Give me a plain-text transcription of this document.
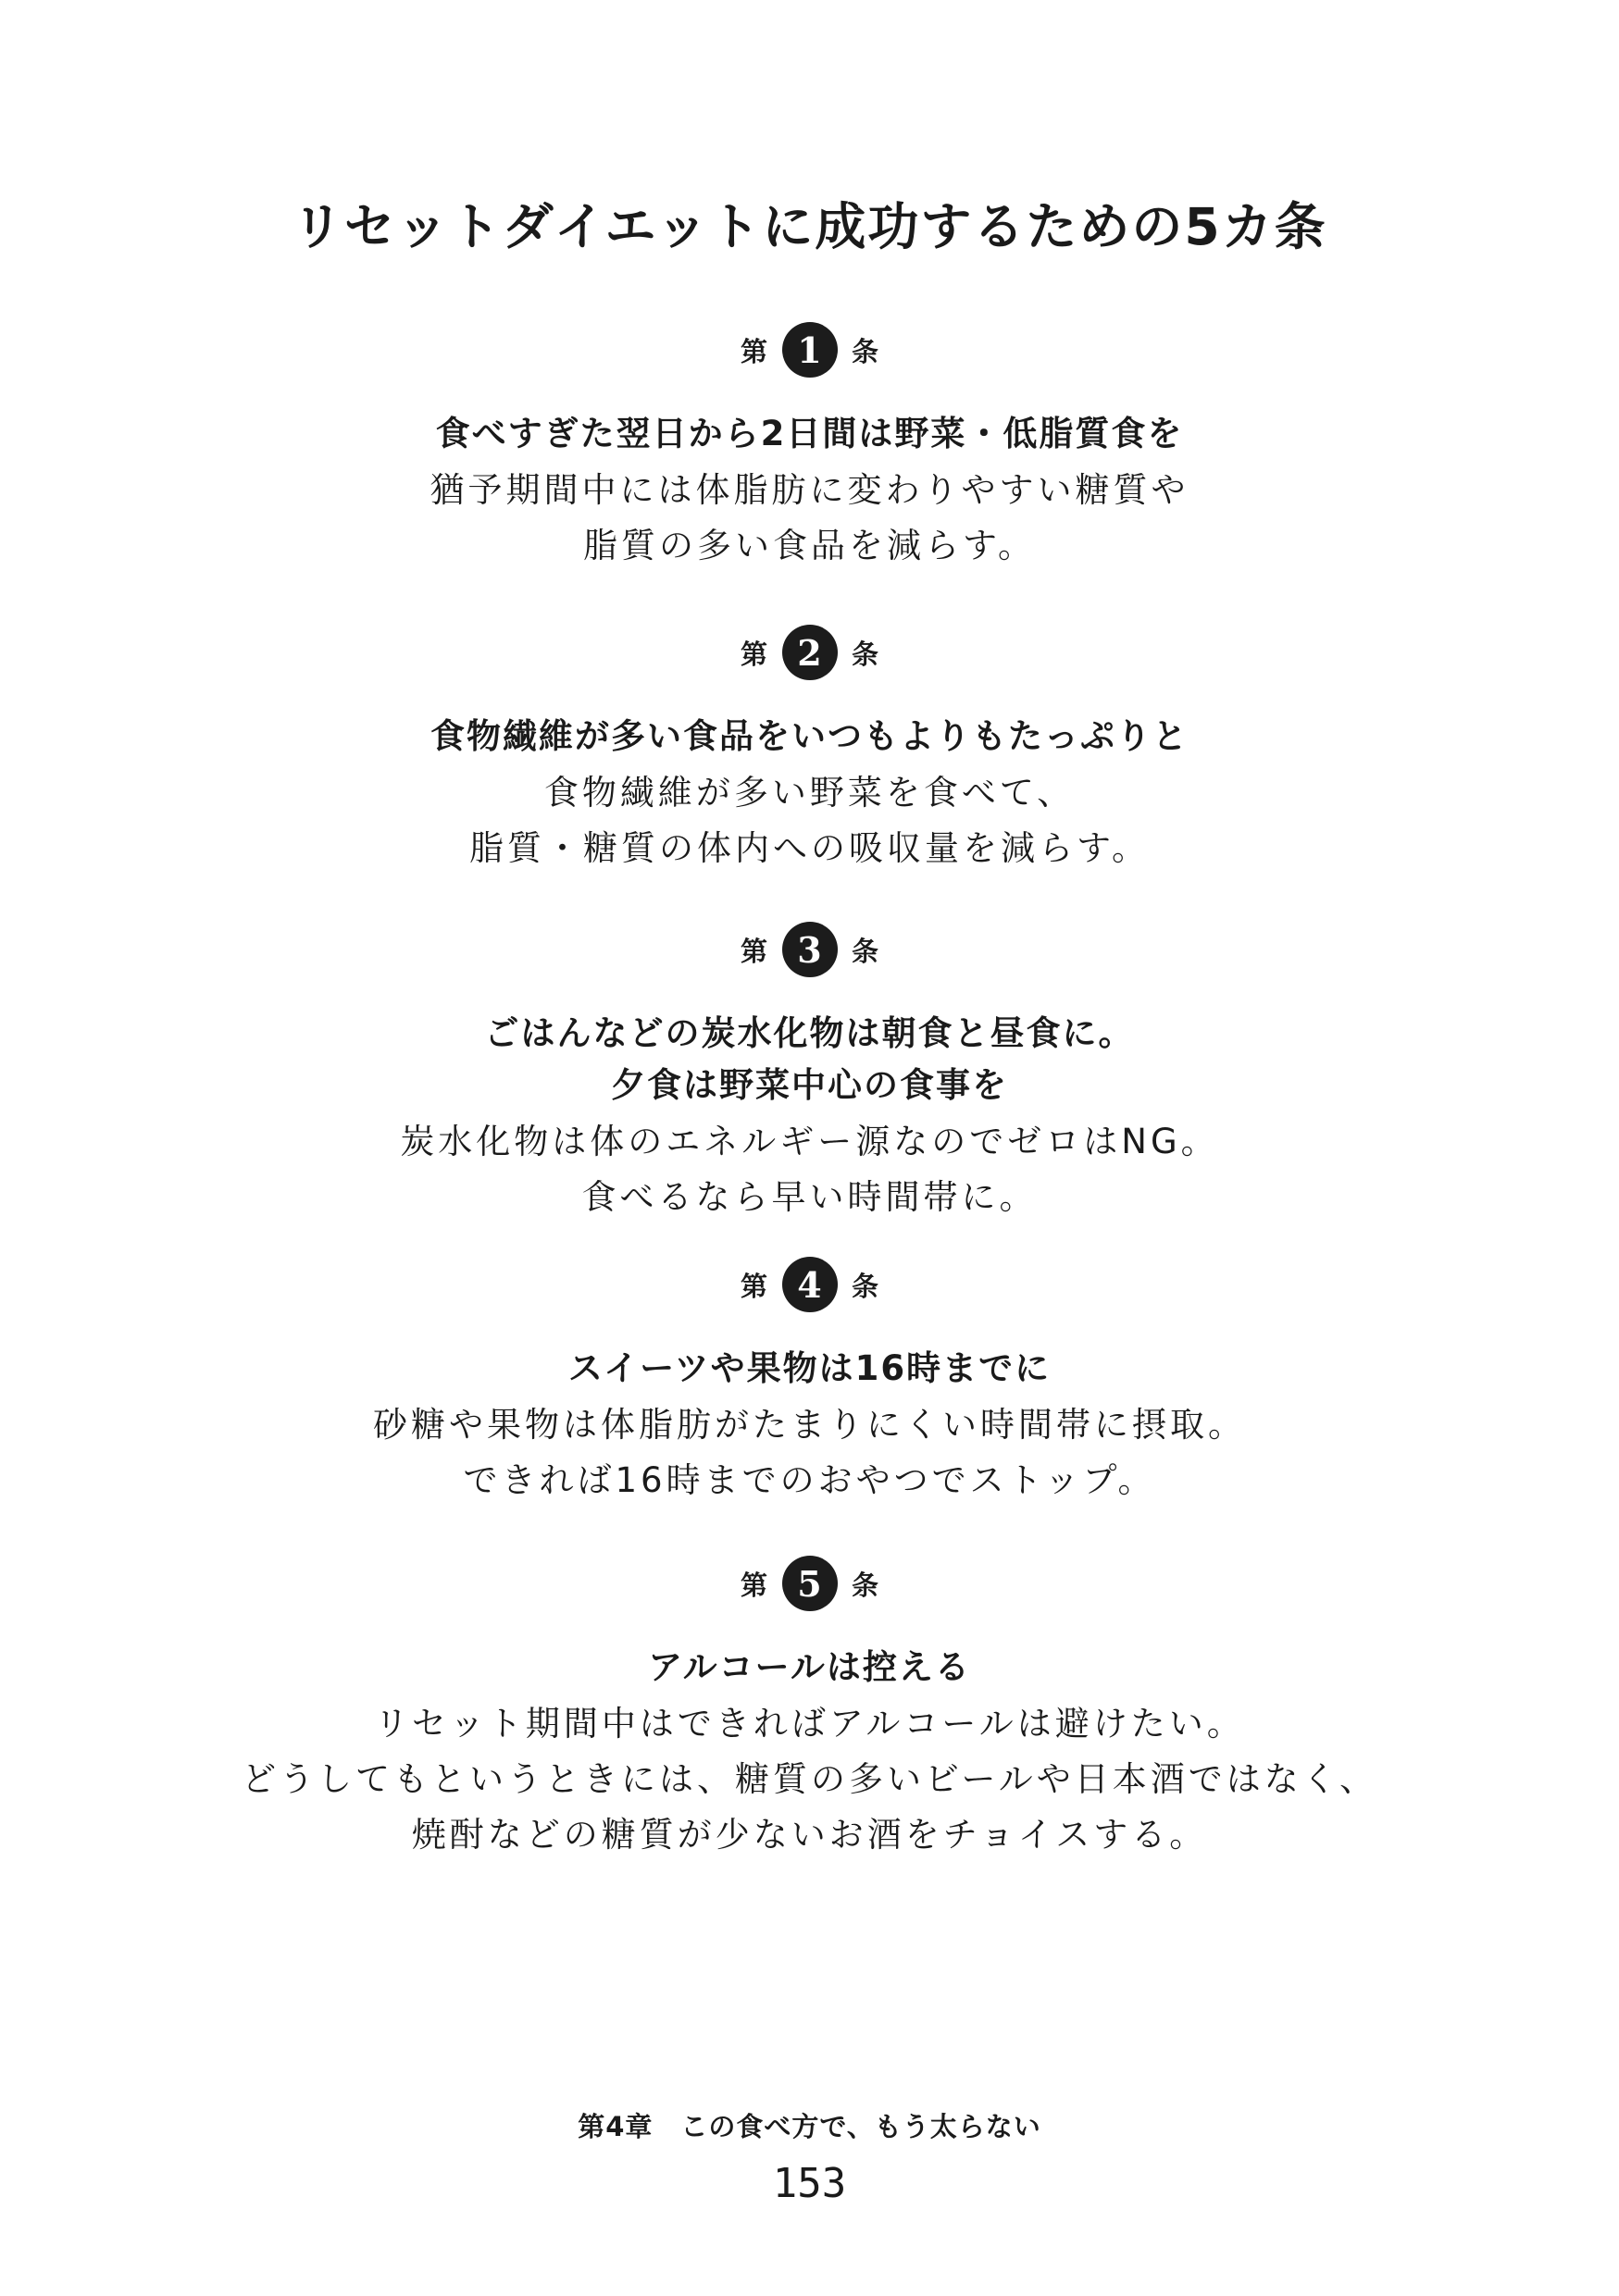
リセットダイエットに成功するための5カ条
第 1	条
食べすぎた翌日から2日間は野菜・低脂質食を
猶予期間中には体脂肪に変わりやすい糖質や
脂質の多い食品を減らす。
第 2	条
食物繊維が多い食品をいつもよりもたっぷりと
食物繊維が多い野菜を食べて、
脂質・糖質の体内への吸収量を減らす。
第 3	条
ごはんなどの炭水化物は朝食と昼食に。
夕食は野菜中心の食事を
炭水化物は体のエネルギー源なのでゼロはNG。
食べるなら早い時間帯に。
第 4	条
スイーツや果物は16時までに
砂糖や果物は体脂肪がたまりにくい時間帯に摂取。
できれば16時までのおやつでストップ。
第 5	条
アルコールは控える
リセット期間中はできればアルコールは避けたい。
どうしてもというときには、糖質の多いビールや日本酒ではなく、
焼酎などの糖質が少ないお酒をチョイスする。
第4章　この食べ方で、もう太らない
153
